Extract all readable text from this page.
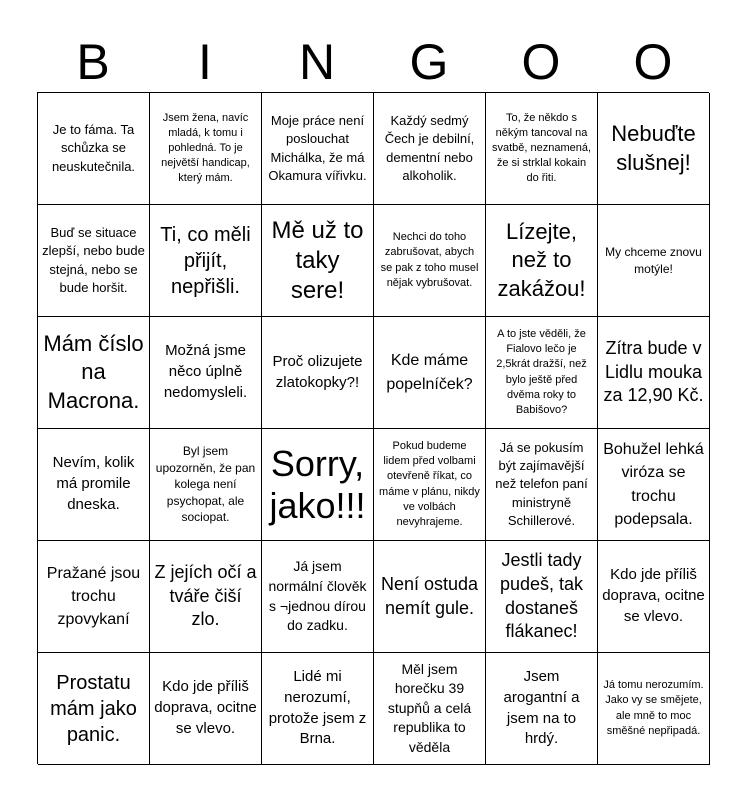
B	I	N	G	O	O
Je to fáma. Ta schůzka se neuskutečnila.
Jsem žena, navíc mladá, k tomu i pohledná. To je největší handicap, který mám.
Moje práce není poslouchat Michálka, že má Okamura vířivku.
Každý sedmý Čech je debilní, dementní nebo alkoholik.
To, že někdo s někým tancoval na svatbě, neznamená, že si strklal kokain do řiti.
Nebuďte slušnej!
Buď se situace zlepší, nebo bude stejná, nebo se bude horšit.
Ti, co měli přijít, nepřišli.
Mě už to taky sere!
Nechci do toho zabrušovat, abych se pak z toho musel nějak vybrušovat.
Lízejte, než to zakážou!
My chceme znovu motýle!
Mám číslo na Macrona.
Možná jsme něco úplně nedomysleli.
Proč olizujete zlatokopky?!
Kde máme popelníček?
A to jste věděli, že Fialovo lečo je 2,5krát dražší, než bylo ještě před dvěma roky to Babišovo?
Zítra bude v Lidlu mouka za 12,90 Kč.
Nevím, kolik má promile dneska.
Byl jsem upozorněn, že pan kolega není psychopat, ale sociopat.
Sorry, jako!!!
Pokud budeme lidem před volbami otevřeně říkat, co máme v plánu, nikdy ve volbách nevyhrajeme.
Já se pokusím být zajímavější než telefon paní ministryně Schillerové.
Bohužel lehká viróza se trochu podepsala.
Pražané jsou trochu zpovykaní
Z jejích očí a tváře čiší zlo.
Já jsem normální člověk s ¬jednou dírou do zadku.
Není ostuda nemít gule.
Jestli tady pudeš, tak dostaneš flákanec!
Kdo jde příliš doprava, ocitne se vlevo.
Prostatu mám jako panic.
Kdo jde příliš doprava, ocitne se vlevo.
Lidé mi nerozumí, protože jsem z Brna.
Měl jsem horečku 39 stupňů a celá republika to věděla
Jsem arogantní a jsem na to hrdý.
Já tomu nerozumím. Jako vy se smějete, ale mně to moc směšné nepřipadá.
